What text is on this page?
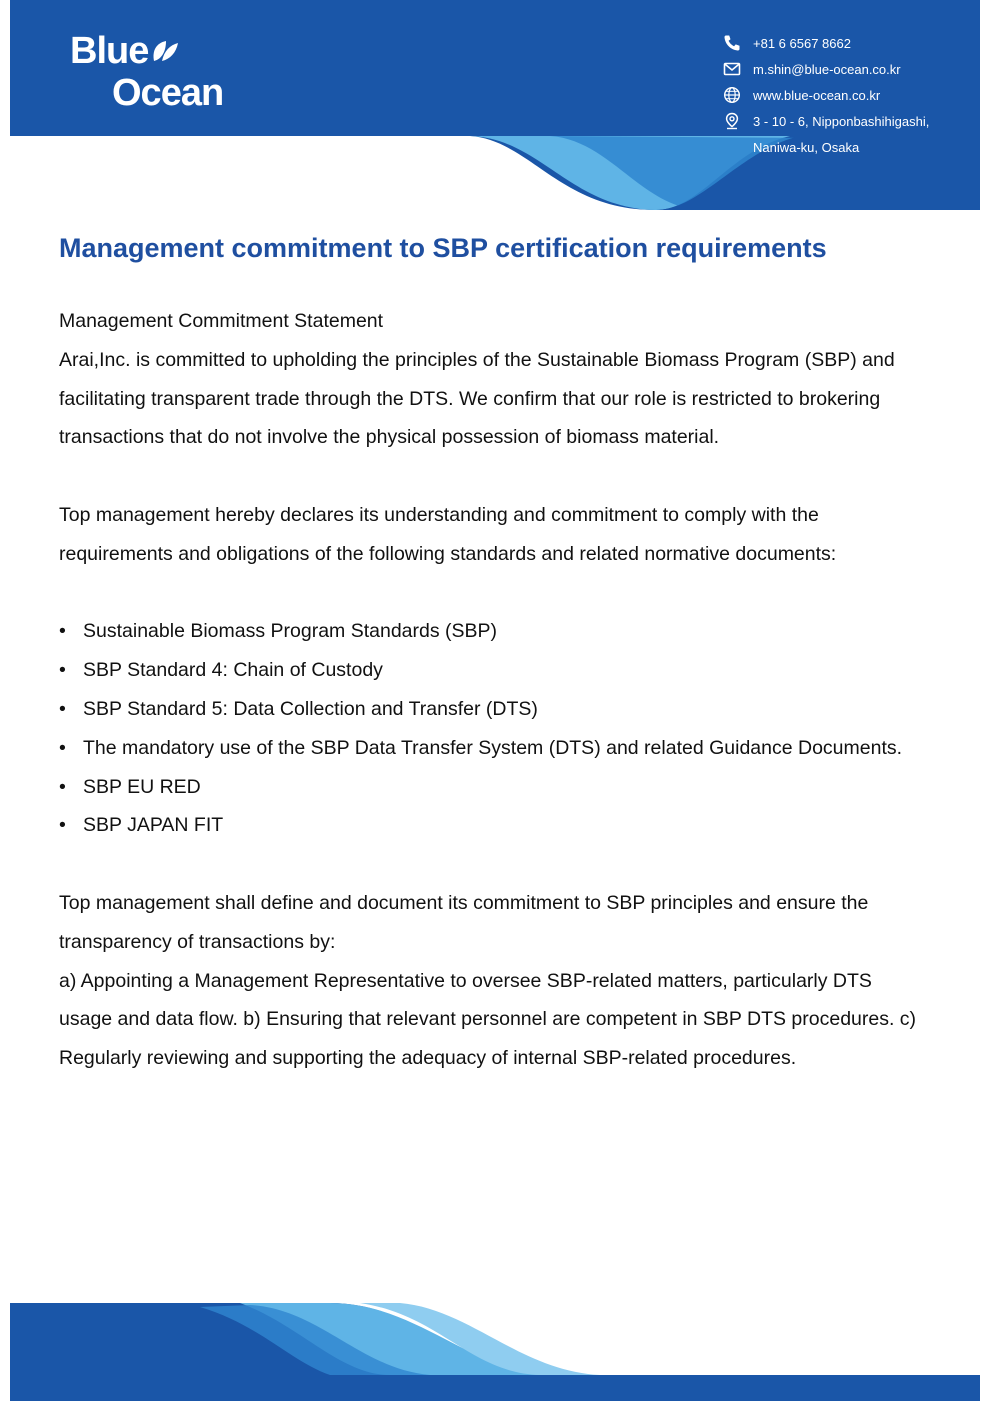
Blue
Ocean
+81 6 6567 8662
m.shin@blue-ocean.co.kr
www.blue-ocean.co.kr
3 - 10 - 6, Nipponbashihigashi,
Naniwa-ku, Osaka
Management commitment to SBP certification requirements

Management Commitment Statement

Arai,Inc. is committed to upholding the principles of the Sustainable Biomass Program (SBP) and facilitating transparent trade through the DTS. We confirm that our role is restricted to brokering transactions that do not involve the physical possession of biomass material.

Top management hereby declares its understanding and commitment to comply with the requirements and obligations of the following standards and related normative documents:

• Sustainable Biomass Program Standards (SBP)
• SBP Standard 4: Chain of Custody
• SBP Standard 5: Data Collection and Transfer (DTS)
• The mandatory use of the SBP Data Transfer System (DTS) and related Guidance Documents.
• SBP EU RED
• SBP JAPAN FIT

Top management shall define and document its commitment to SBP principles and ensure the transparency of transactions by:

a) Appointing a Management Representative to oversee SBP-related matters, particularly DTS usage and data flow. b) Ensuring that relevant personnel are competent in SBP DTS procedures. c) Regularly reviewing and supporting the adequacy of internal SBP-related procedures.
